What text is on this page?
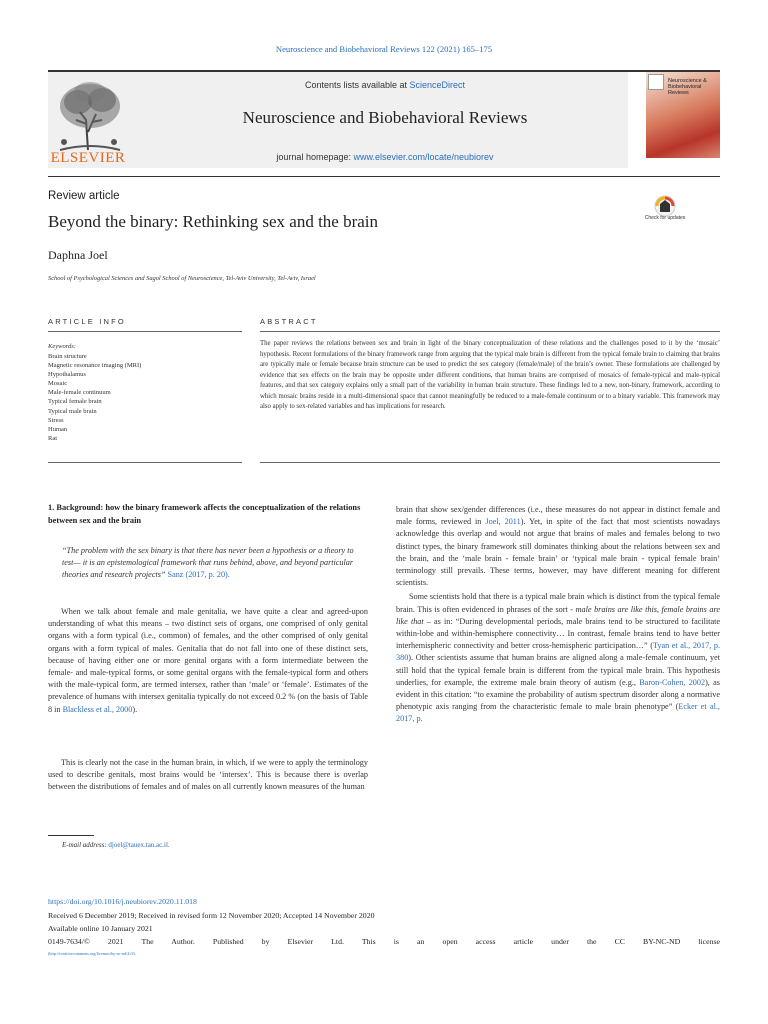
Neuroscience and Biobehavioral Reviews 122 (2021) 165–175
ELSEVIER
Contents lists available at ScienceDirect
Neuroscience and Biobehavioral Reviews
journal homepage: www.elsevier.com/locate/neubiorev
Neuroscience & Biobehavioral Reviews
Review article
Beyond the binary: Rethinking sex and the brain
Daphna Joel
School of Psychological Sciences and Sagol School of Neuroscience, Tel-Aviv University, Tel-Aviv, Israel
Check for updates
ARTICLE INFO
Keywords:
Brain structure
Magnetic resonance imaging (MRI)
Hypothalamus
Mosaic
Male-female continuum
Typical female brain
Typical male brain
Stress
Human
Rat
ABSTRACT
The paper reviews the relations between sex and brain in light of the binary conceptualization of these relations and the challenges posed to it by the ‘mosaic’ hypothesis. Recent formulations of the binary framework range from arguing that the typical male brain is different from the typical female brain to claiming that brains are typically male or female because brain structure can be used to predict the sex category (female/male) of the brain’s owner. These formulations are challenged by evidence that sex effects on the brain may be opposite under different conditions, that human brains are comprised of mosaics of female-typical and male-typical features, and that sex category explains only a small part of the variability in human brain structure. These findings led to a new, non-binary, framework, according to which mosaic brains reside in a multi-dimensional space that cannot meaningfully be reduced to a male-female continuum or to a binary variable. This framework may also apply to sex-related variables and has implications for research.
1. Background: how the binary framework affects the conceptualization of the relations between sex and the brain
“The problem with the sex binary is that there has never been a hypothesis or a theory to test— it is an epistemological framework that runs behind, above, and beyond particular theories and research projects” Sanz (2017, p. 20).

When we talk about female and male genitalia, we have quite a clear and agreed-upon understanding of what this means – two distinct sets of organs, one comprised of only genital organs with a form typical (i.e., common) of females, and the other comprised of only genital organs with a form typical of males. Genitalia that do not fall into one of these distinct sets, because of having either one or more genital organs with a form intermediate between the female- and male-typical forms, or some genital organs with the female-typical form and others with the male-typical form, are termed intersex, rather than ‘male’ or ‘female’. Estimates of the prevalence of humans with intersex genitalia typically do not exceed 0.2 % (on the basis of Table 8 in Blackless et al., 2000).

This is clearly not the case in the human brain, in which, if we were to apply the terminology used to describe genitals, most brains would be ‘intersex’. This is because there is overlap between the distributions of females and of males on all currently known measures of the human

brain that show sex/gender differences (i.e., these measures do not appear in distinct female and male forms, reviewed in Joel, 2011). Yet, in spite of the fact that most scientists nowadays acknowledge this overlap and would not argue that brains of males and females belong to two distinct types, the binary framework still dominates thinking about the relations between sex and the brain, and the ‘male brain - female brain’ or ‘typical male brain - typical female brain’ terminology still prevails. These terms, however, may have different meaning for different scientists.

Some scientists hold that there is a typical male brain which is distinct from the typical female brain. This is often evidenced in phrases of the sort - male brains are like this, female brains are like that – as in: “During developmental periods, male brains tend to be structured to facilitate within-lobe and within-hemisphere connectivity… In contrast, female brains tend to have better interhemispheric connectivity and better cross-hemispheric participation…” (Tyan et al., 2017, p. 380). Other scientists assume that human brains are aligned along a male-female continuum, yet still hold that the typical female brain is different from the typical male brain. This hypothesis underlies, for example, the extreme male brain theory of autism (e.g., Baron-Cohen, 2002), as evident in this citation: “to examine the probability of autism spectrum disorder along a normative phenotypic axis ranging from the characteristic female to male brain phenotype” (Ecker et al., 2017, p.

E-mail address: djoel@tauex.tau.ac.il.
https://doi.org/10.1016/j.neubiorev.2020.11.018
Received 6 December 2019; Received in revised form 12 November 2020; Accepted 14 November 2020
Available online 10 January 2021
0149-7634/© 2021 The Author. Published by Elsevier Ltd. This is an open access article under the CC BY-NC-ND license
(http://creativecommons.org/licenses/by-nc-nd/4.0/).
